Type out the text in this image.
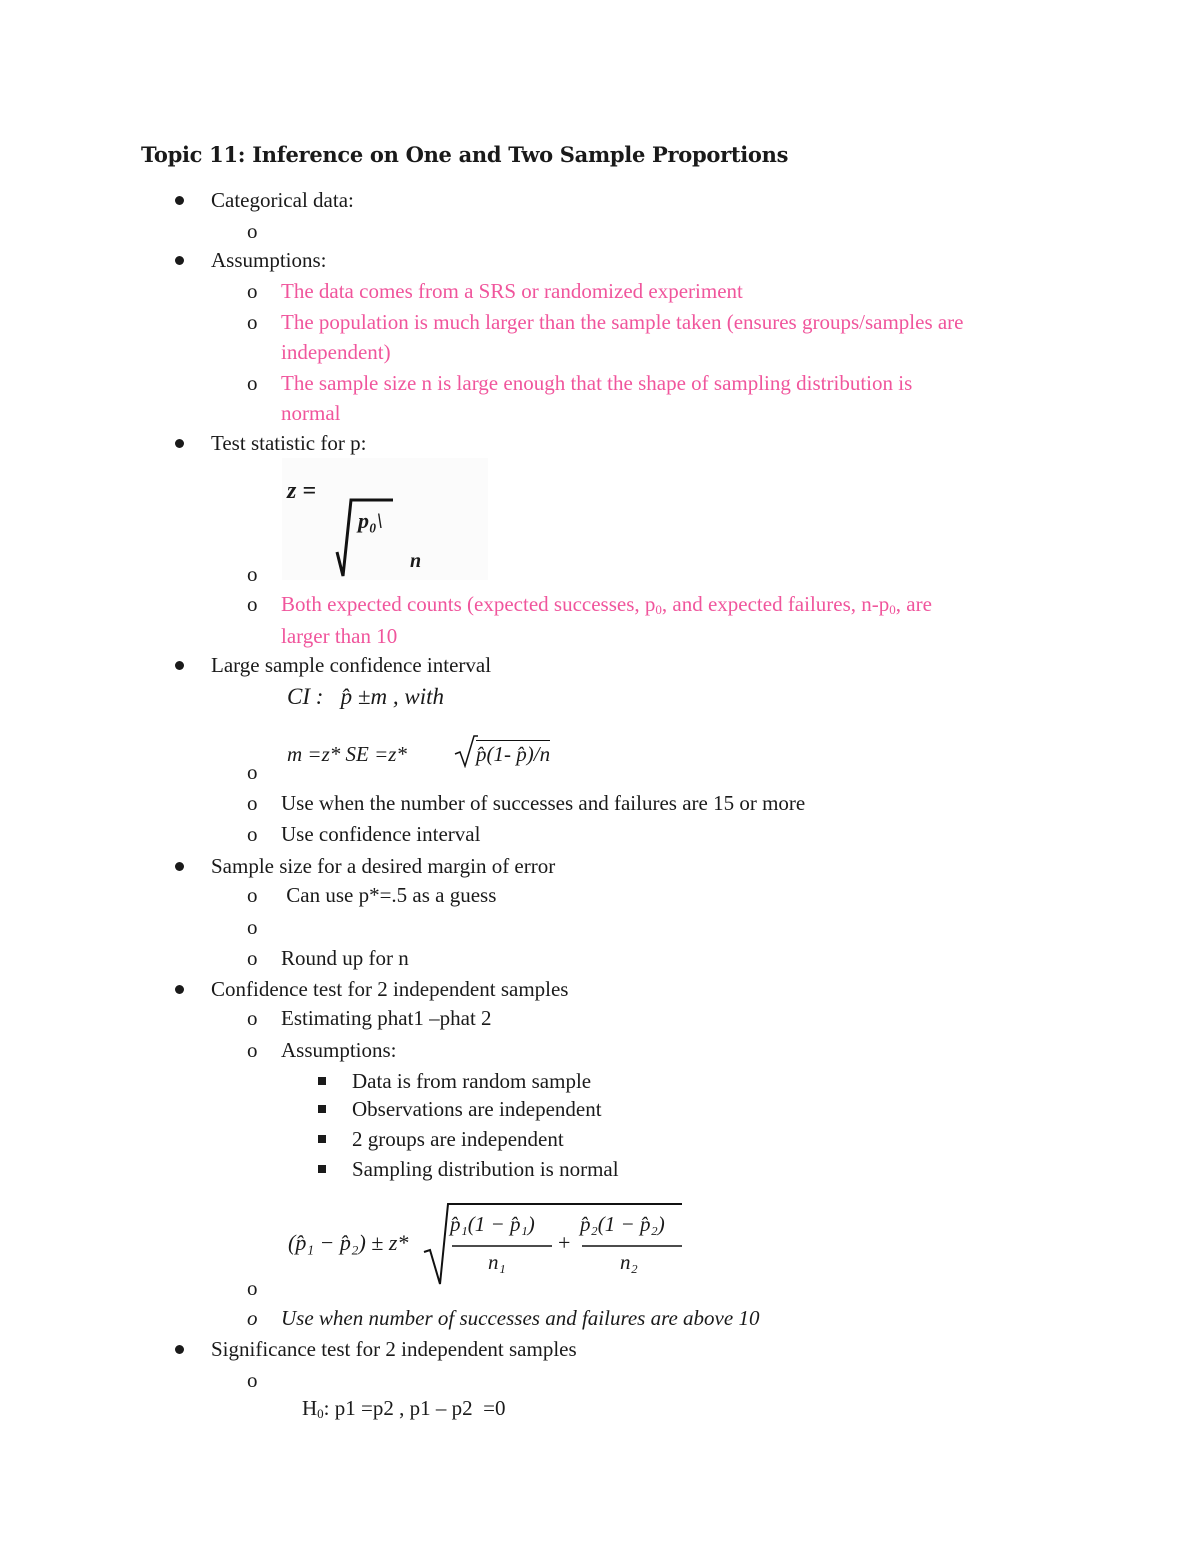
Topic 11: Inference on One and Two Sample Proportions
Categorical data:
o
Assumptions:
o The data comes from a SRS or randomized experiment
o The population is much larger than the sample taken (ensures groups/samples are
independent)
o The sample size n is large enough that the shape of sampling distribution is
normal
Test statistic for p:
z =
p₀\
n
o
o Both expected counts (expected successes, $p_0$, and expected failures, $n-p_0$, are
larger than 10
Large sample confidence interval
CI :   p̂ ±m , with
m =z* SE =z*	p̂(1- p̂)/n
o
o Use when the number of successes and failures are 15 or more
o Use confidence interval
Sample size for a desired margin of error
o Can use p*=.5 as a guess
o
o Round up for n
Confidence test for 2 independent samples
o Estimating phat1 –phat 2
o Assumptions:
Data is from random sample
Observations are independent
2 groups are independent
Sampling distribution is normal
(p̂₁ − p̂₂) ± z*
p̂₁(1 − p̂₁)
n₁
+
p̂₂(1 − p̂₂)
n₂
o
o Use when number of successes and failures are above 10
Significance test for 2 independent samples
o

$H_0$: p1 =p2 , p1 – p2  =0
